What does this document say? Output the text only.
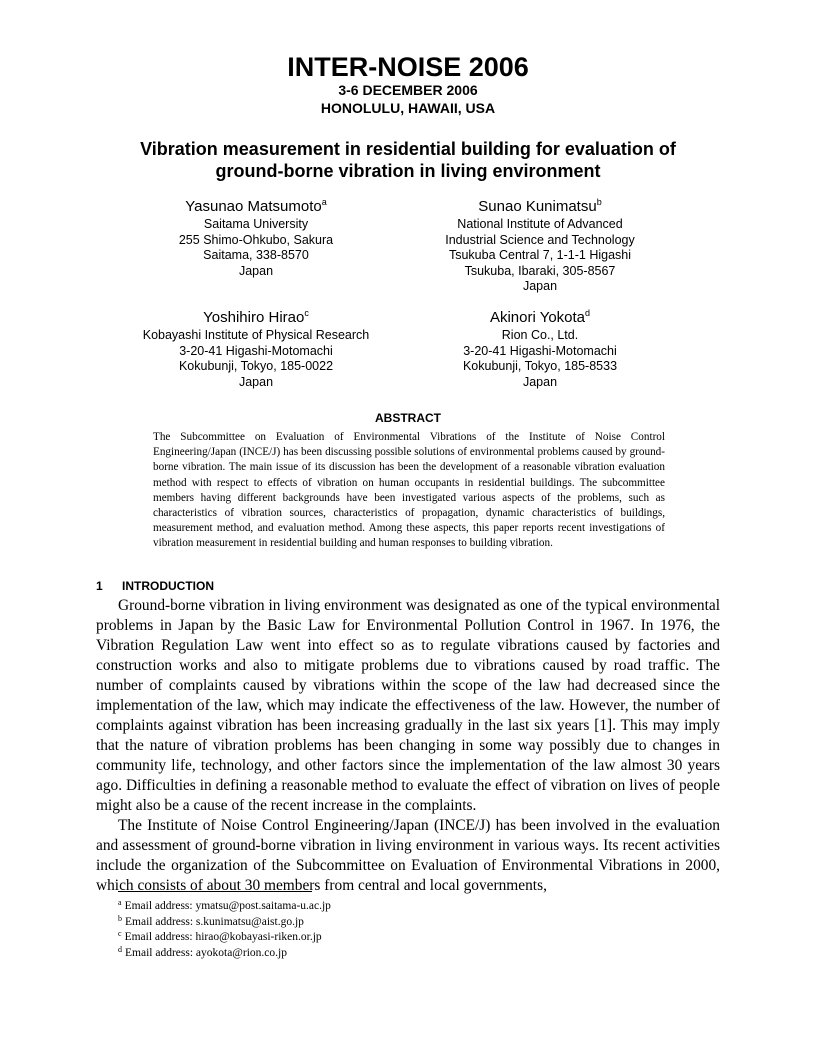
INTER-NOISE 2006
3-6 DECEMBER 2006
HONOLULU, HAWAII, USA
Vibration measurement in residential building for evaluation of
ground-borne vibration in living environment
Yasunao Matsumoto$^a$
Saitama University
255 Shimo-Ohkubo, Sakura
Saitama, 338-8570
Japan
Sunao Kunimatsu$^b$
National Institute of Advanced
Industrial Science and Technology
Tsukuba Central 7, 1-1-1 Higashi
Tsukuba, Ibaraki, 305-8567
Japan
Yoshihiro Hirao$^c$
Kobayashi Institute of Physical Research
3-20-41 Higashi-Motomachi
Kokubunji, Tokyo, 185-0022
Japan
Akinori Yokota$^d$
Rion Co., Ltd.
3-20-41 Higashi-Motomachi
Kokubunji, Tokyo, 185-8533
Japan
ABSTRACT
The Subcommittee on Evaluation of Environmental Vibrations of the Institute of Noise Control Engineering/Japan (INCE/J) has been discussing possible solutions of environmental problems caused by ground-borne vibration. The main issue of its discussion has been the development of a reasonable vibration evaluation method with respect to effects of vibration on human occupants in residential buildings. The subcommittee members having different backgrounds have been investigated various aspects of the problems, such as characteristics of vibration sources, characteristics of propagation, dynamic characteristics of buildings, measurement method, and evaluation method. Among these aspects, this paper reports recent investigations of vibration measurement in residential building and human responses to building vibration.
1 INTRODUCTION

Ground-borne vibration in living environment was designated as one of the typical environmental problems in Japan by the Basic Law for Environmental Pollution Control in 1967. In 1976, the Vibration Regulation Law went into effect so as to regulate vibrations caused by factories and construction works and also to mitigate problems due to vibrations caused by road traffic. The number of complaints caused by vibrations within the scope of the law had decreased since the implementation of the law, which may indicate the effectiveness of the law. However, the number of complaints against vibration has been increasing gradually in the last six years [1]. This may imply that the nature of vibration problems has been changing in some way possibly due to changes in community life, technology, and other factors since the implementation of the law almost 30 years ago. Difficulties in defining a reasonable method to evaluate the effect of vibration on lives of people might also be a cause of the recent increase in the complaints.

The Institute of Noise Control Engineering/Japan (INCE/J) has been involved in the evaluation and assessment of ground-borne vibration in living environment in various ways. Its recent activities include the organization of the Subcommittee on Evaluation of Environmental Vibrations in 2000, which consists of about 30 members from central and local governments,

$^a$ Email address: ymatsu@post.saitama-u.ac.jp
$^b$ Email address: s.kunimatsu@aist.go.jp
$^c$ Email address: hirao@kobayasi-riken.or.jp
$^d$ Email address: ayokota@rion.co.jp
